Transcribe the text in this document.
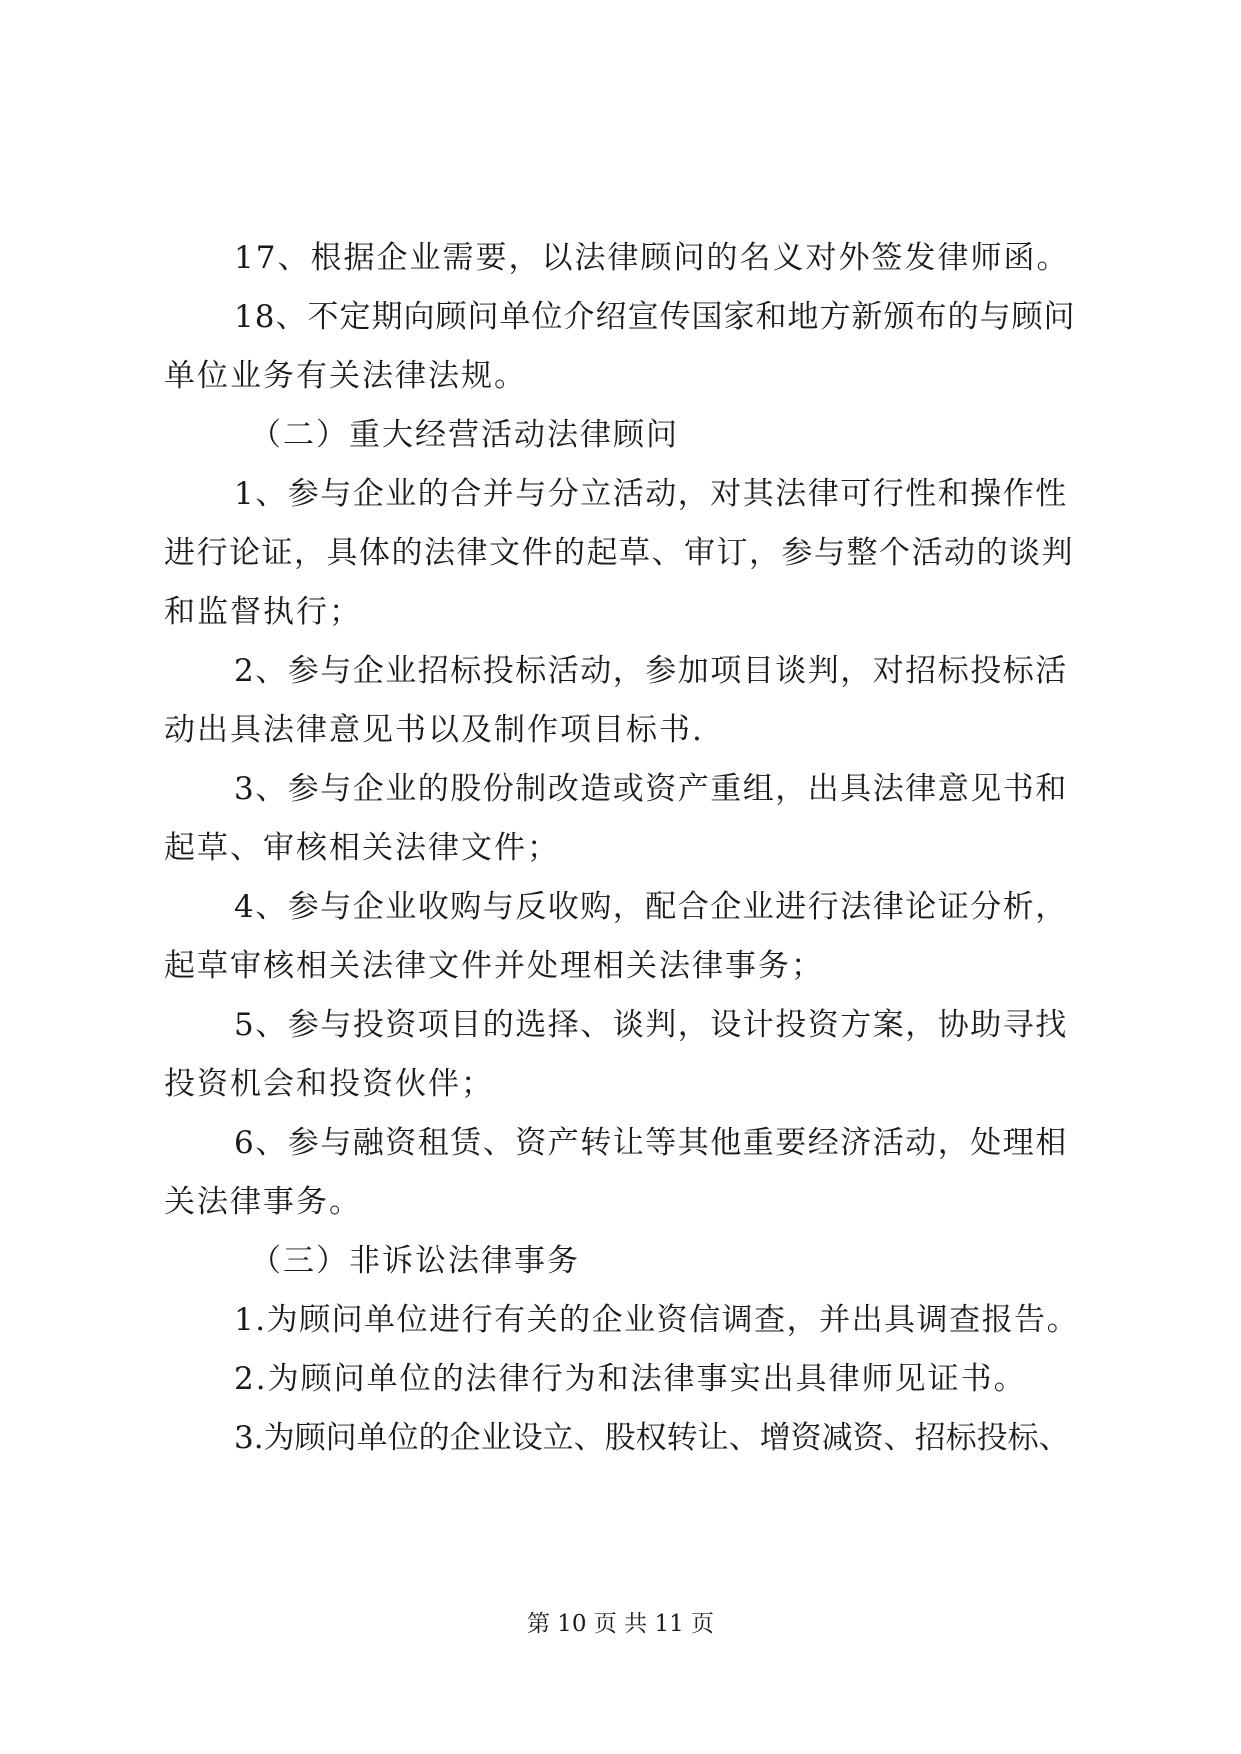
17、根据企业需要，以法律顾问的名义对外签发律师函。
18、不定期向顾问单位介绍宣传国家和地方新颁布的与顾问
单位业务有关法律法规。
（二）重大经营活动法律顾问
1、参与企业的合并与分立活动，对其法律可行性和操作性
进行论证，具体的法律文件的起草、审订，参与整个活动的谈判
和监督执行；
2、参与企业招标投标活动，参加项目谈判，对招标投标活
动出具法律意见书以及制作项目标书.
3、参与企业的股份制改造或资产重组，出具法律意见书和
起草、审核相关法律文件；
4、参与企业收购与反收购，配合企业进行法律论证分析，
起草审核相关法律文件并处理相关法律事务；
5、参与投资项目的选择、谈判，设计投资方案，协助寻找
投资机会和投资伙伴；
6、参与融资租赁、资产转让等其他重要经济活动，处理相
关法律事务。
（三）非诉讼法律事务
1.为顾问单位进行有关的企业资信调查，并出具调查报告。
2.为顾问单位的法律行为和法律事实出具律师见证书。
3.为顾问单位的企业设立、股权转让、增资减资、招标投标、
第 10 页 共 11 页
